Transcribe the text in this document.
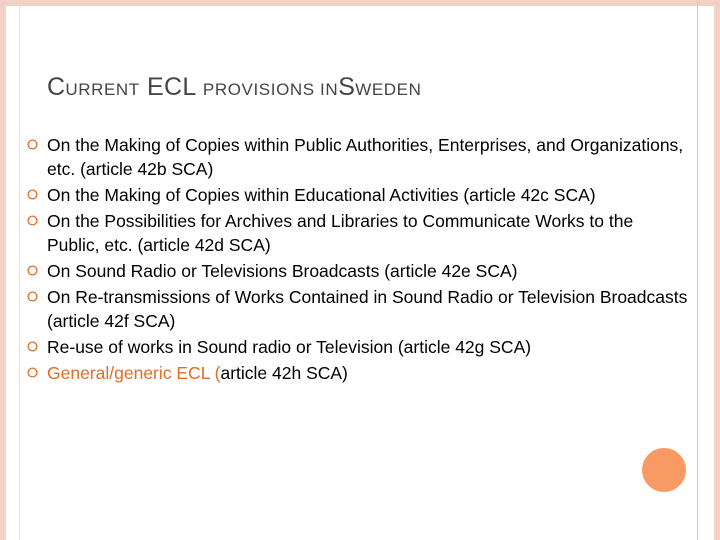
CURRENT ECL PROVISIONS INSWEDEN
On the Making of Copies within Public Authorities, Enterprises, and Organizations, etc. (article 42b SCA)
On the Making of Copies within Educational Activities (article 42c SCA)
On the Possibilities for Archives and Libraries to Communicate Works to the Public, etc. (article 42d SCA)
On Sound Radio or Televisions Broadcasts (article 42e SCA)
On Re-transmissions of Works Contained in Sound Radio or Television Broadcasts (article 42f SCA)
Re-use of works in Sound radio or Television (article 42g SCA)
General/generic ECL (article 42h SCA)
